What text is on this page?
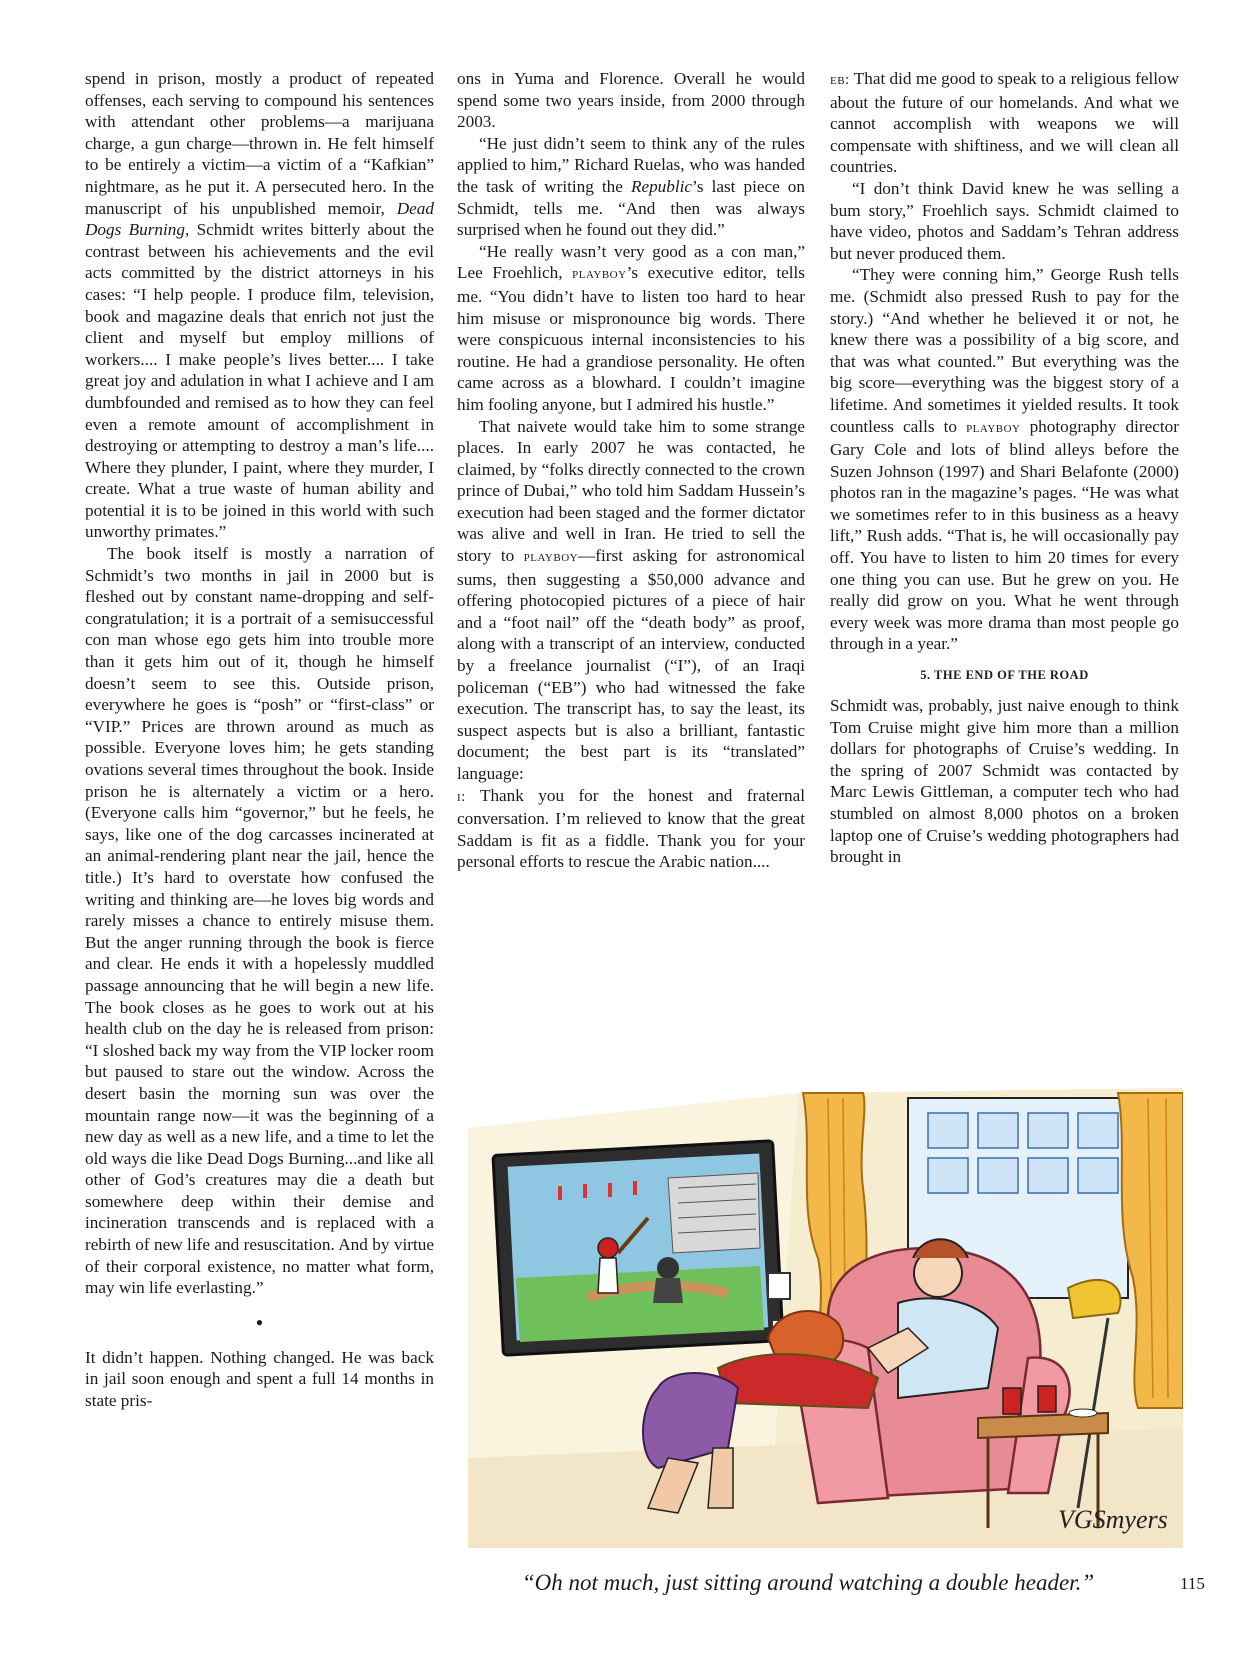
spend in prison, mostly a product of repeated offenses, each serving to compound his sentences with attendant other problems—a marijuana charge, a gun charge—thrown in. He felt himself to be entirely a victim—a victim of a “Kafkian” nightmare, as he put it. A persecuted hero. In the manuscript of his unpublished memoir, Dead Dogs Burning, Schmidt writes bitterly about the contrast between his achievements and the evil acts committed by the district attorneys in his cases: “I help people. I produce film, television, book and magazine deals that enrich not just the client and myself but employ millions of workers.... I make people’s lives better.... I take great joy and adulation in what I achieve and I am dumbfounded and remised as to how they can feel even a remote amount of accomplishment in destroying or attempting to destroy a man’s life.... Where they plunder, I paint, where they murder, I create. What a true waste of human ability and potential it is to be joined in this world with such unworthy primates.”

The book itself is mostly a narration of Schmidt’s two months in jail in 2000 but is fleshed out by constant name-dropping and self-congratulation; it is a portrait of a semisuccessful con man whose ego gets him into trouble more than it gets him out of it, though he himself doesn’t seem to see this. Outside prison, everywhere he goes is “posh” or “first-class” or “VIP.” Prices are thrown around as much as possible. Everyone loves him; he gets standing ovations several times throughout the book. Inside prison he is alternately a victim or a hero. (Everyone calls him “governor,” but he feels, he says, like one of the dog carcasses incinerated at an animal-rendering plant near the jail, hence the title.) It’s hard to overstate how confused the writing and thinking are—he loves big words and rarely misses a chance to entirely misuse them. But the anger running through the book is fierce and clear. He ends it with a hopelessly muddled passage announcing that he will begin a new life. The book closes as he goes to work out at his health club on the day he is released from prison: “I sloshed back my way from the VIP locker room but paused to stare out the window. Across the desert basin the morning sun was over the mountain range now—it was the beginning of a new day as well as a new life, and a time to let the old ways die like Dead Dogs Burning...and like all other of God’s creatures may die a death but somewhere deep within their demise and incineration transcends and is replaced with a rebirth of new life and resuscitation. And by virtue of their corporal existence, no matter what form, may win life everlasting.”

•

It didn’t happen. Nothing changed. He was back in jail soon enough and spent a full 14 months in state pris-

ons in Yuma and Florence. Overall he would spend some two years inside, from 2000 through 2003.

“He just didn’t seem to think any of the rules applied to him,” Richard Ruelas, who was handed the task of writing the Republic’s last piece on Schmidt, tells me. “And then was always surprised when he found out they did.”

“He really wasn’t very good as a con man,” Lee Froehlich, playboy’s executive editor, tells me. “You didn’t have to listen too hard to hear him misuse or mispronounce big words. There were conspicuous internal inconsistencies to his routine. He had a grandiose personality. He often came across as a blowhard. I couldn’t imagine him fooling anyone, but I admired his hustle.”

That naivete would take him to some strange places. In early 2007 he was contacted, he claimed, by “folks directly connected to the crown prince of Dubai,” who told him Saddam Hussein’s execution had been staged and the former dictator was alive and well in Iran. He tried to sell the story to playboy—first asking for astronomical sums, then suggesting a $50,000 advance and offering photocopied pictures of a piece of hair and a “foot nail” off the “death body” as proof, along with a transcript of an interview, conducted by a freelance journalist (“I”), of an Iraqi policeman (“EB”) who had witnessed the fake execution. The transcript has, to say the least, its suspect aspects but is also a brilliant, fantastic document; the best part is its “translated” language:

i: Thank you for the honest and fraternal conversation. I’m relieved to know that the great Saddam is fit as a fiddle. Thank you for your personal efforts to rescue the Arabic nation....

eb: That did me good to speak to a religious fellow about the future of our homelands. And what we cannot accomplish with weapons we will compensate with shiftiness, and we will clean all countries.

“I don’t think David knew he was selling a bum story,” Froehlich says. Schmidt claimed to have video, photos and Saddam’s Tehran address but never produced them.

“They were conning him,” George Rush tells me. (Schmidt also pressed Rush to pay for the story.) “And whether he believed it or not, he knew there was a possibility of a big score, and that was what counted.” But everything was the big score—everything was the biggest story of a lifetime. And sometimes it yielded results. It took countless calls to playboy photography director Gary Cole and lots of blind alleys before the Suzen Johnson (1997) and Shari Belafonte (2000) photos ran in the magazine’s pages. “He was what we sometimes refer to in this business as a heavy lift,” Rush adds. “That is, he will occasionally pay off. You have to listen to him 20 times for every one thing you can use. But he grew on you. He really did grow on you. What he went through every week was more drama than most people go through in a year.”

5. THE END OF THE ROAD

Schmidt was, probably, just naive enough to think Tom Cruise might give him more than a million dollars for photographs of Cruise’s wedding. In the spring of 2007 Schmidt was contacted by Marc Lewis Gittleman, a computer tech who had stumbled on almost 8,000 photos on a broken laptop one of Cruise’s wedding photographers had brought in

VGSmyers
“Oh not much, just sitting around watching a double header.”	115
